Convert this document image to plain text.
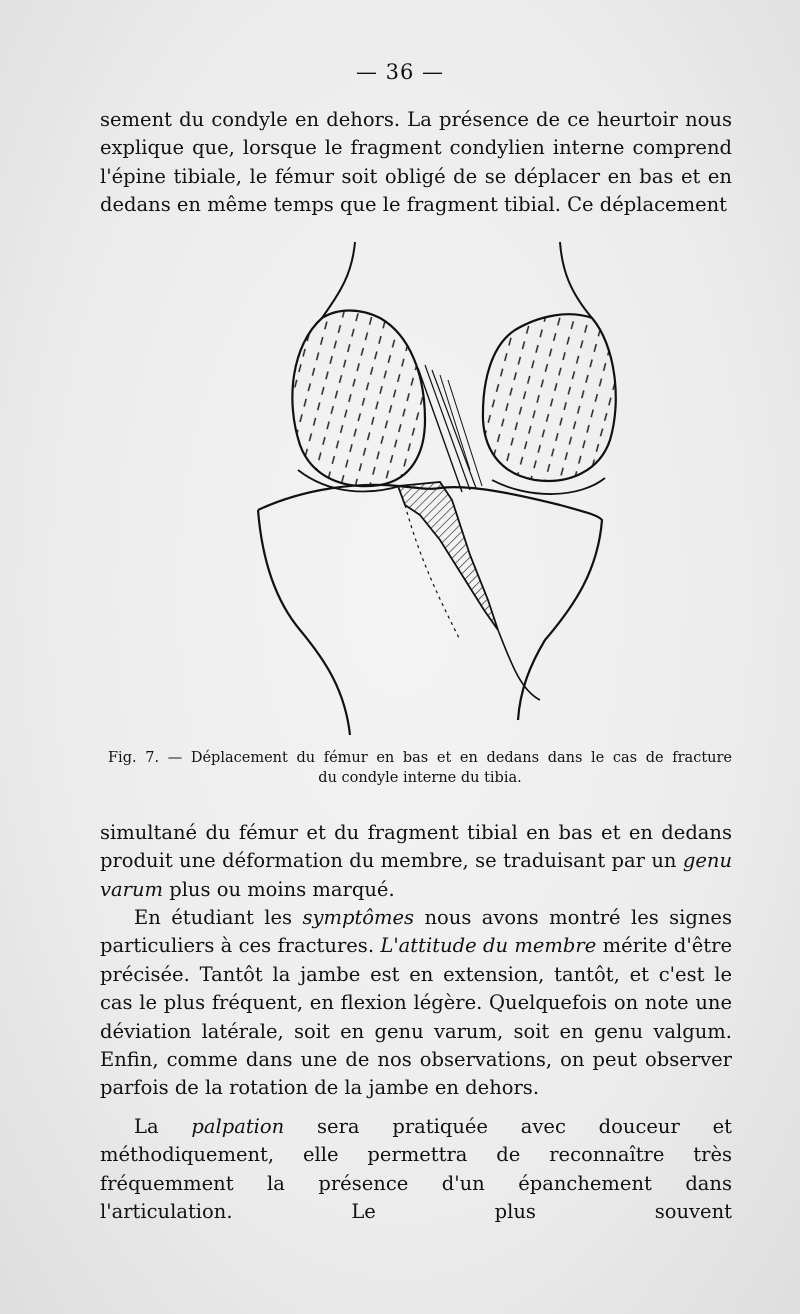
— 36 —

sement du condyle en dehors. La présence de ce heurtoir nous explique que, lorsque le fragment condylien interne comprend l'épine tibiale, le fémur soit obligé de se déplacer en bas et en dedans en même temps que le fragment tibial. Ce déplacement

Fig. 7. — Déplacement du fémur en bas et en dedans dans le cas de fracture
du condyle interne du tibia.

simultané du fémur et du fragment tibial en bas et en dedans produit une déformation du membre, se traduisant par un genu varum plus ou moins marqué.

En étudiant les symptômes nous avons montré les signes particuliers à ces fractures. L'attitude du membre mérite d'être précisée. Tantôt la jambe est en extension, tantôt, et c'est le cas le plus fréquent, en flexion légère. Quelquefois on note une déviation latérale, soit en genu varum, soit en genu valgum. Enfin, comme dans une de nos observations, on peut observer parfois de la rotation de la jambe en dehors.

La palpation sera pratiquée avec douceur et méthodiquement, elle permettra de reconnaître très fréquemment la présence d'un épanchement dans l'articulation. Le plus souvent
